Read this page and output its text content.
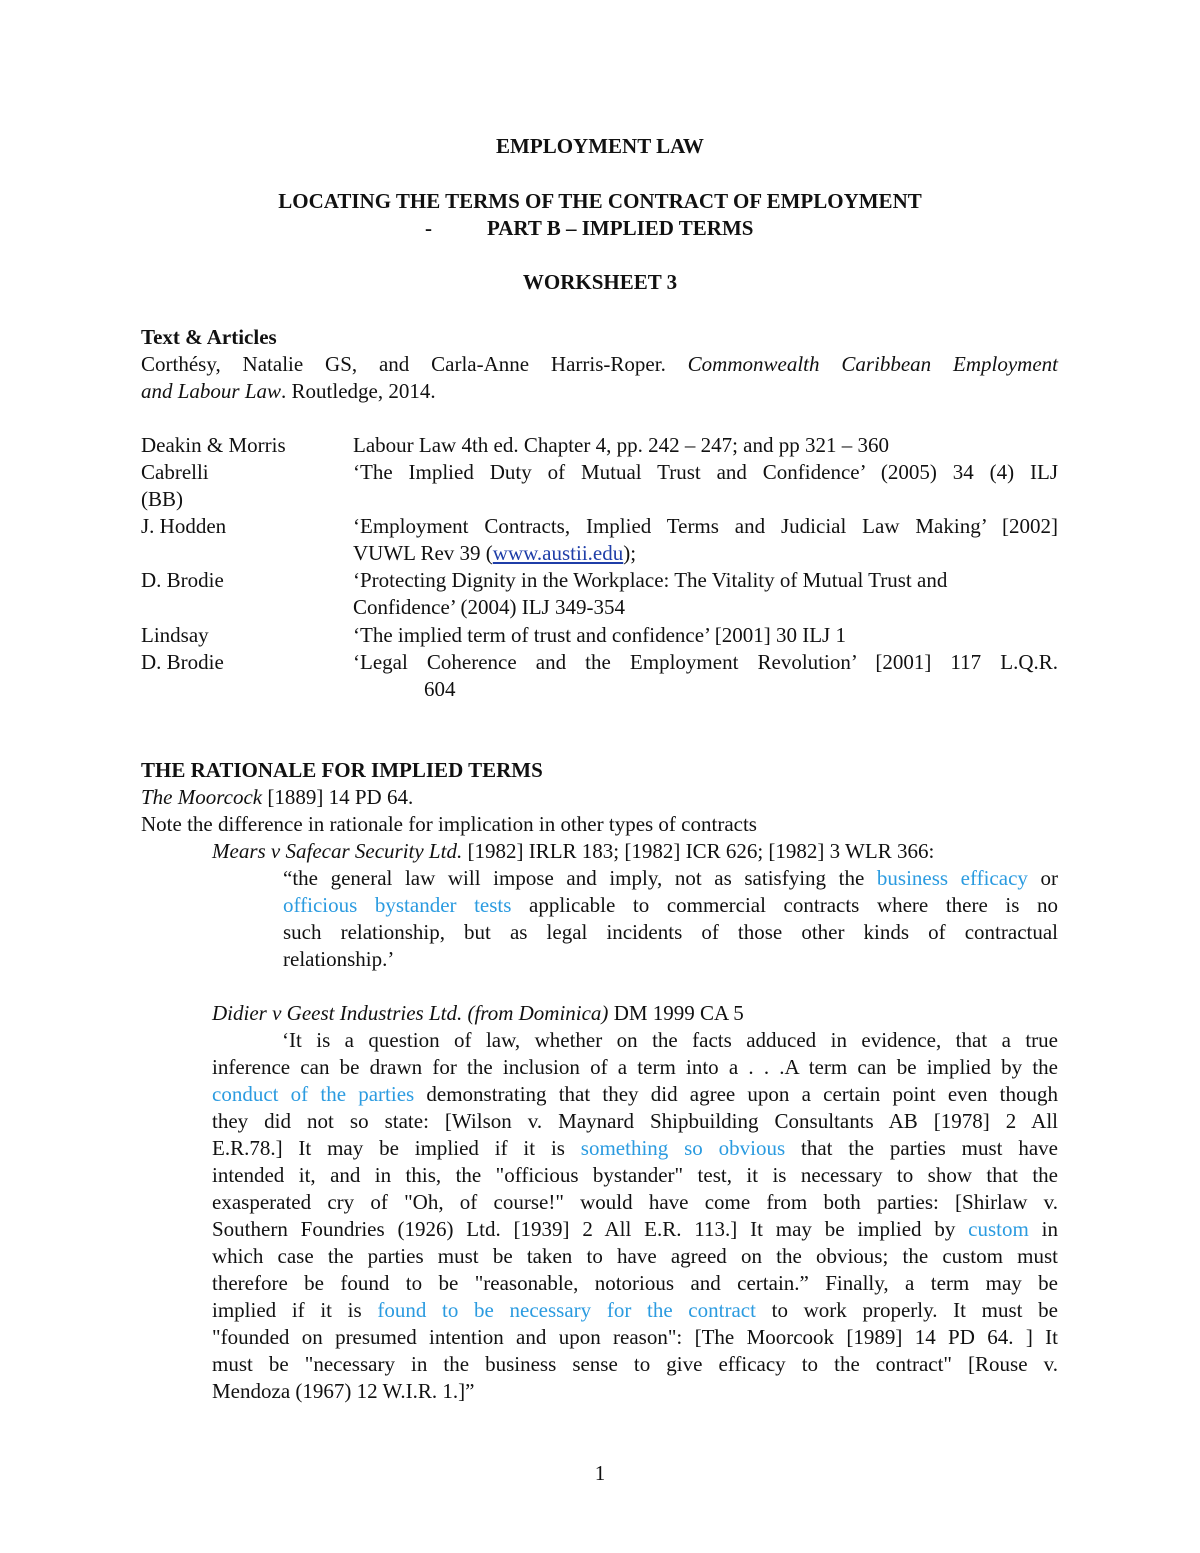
EMPLOYMENT LAW
LOCATING THE TERMS OF THE CONTRACT OF EMPLOYMENT
-	PART B – IMPLIED TERMS
WORKSHEET 3
Text & Articles
Corthésy, Natalie GS, and Carla-Anne Harris-Roper. Commonwealth Caribbean Employment
and Labour Law. Routledge, 2014.
Deakin & Morris	Labour Law 4th ed. Chapter 4, pp. 242 – 247; and pp 321 – 360
Cabrelli	‘The Implied Duty of Mutual Trust and Confidence’ (2005) 34 (4) ILJ
(BB)
J. Hodden	‘Employment Contracts, Implied Terms and Judicial Law Making’ [2002]
VUWL Rev 39 (www.austii.edu);
D. Brodie	‘Protecting Dignity in the Workplace: The Vitality of Mutual Trust and
Confidence’ (2004) ILJ 349-354
Lindsay	‘The implied term of trust and confidence’ [2001] 30 ILJ 1
D. Brodie	‘Legal Coherence and the Employment Revolution’ [2001] 117 L.Q.R.
604
THE RATIONALE FOR IMPLIED TERMS
The Moorcock [1889] 14 PD 64.
Note the difference in rationale for implication in other types of contracts
Mears v Safecar Security Ltd. [1982] IRLR 183; [1982] ICR 626; [1982] 3 WLR 366:
“the general law will impose and imply, not as satisfying the business efficacy or
officious bystander tests applicable to commercial contracts where there is no
such relationship, but as legal incidents of those other kinds of contractual
relationship.’
Didier v Geest Industries Ltd. (from Dominica) DM 1999 CA 5
‘It is a question of law, whether on the facts adduced in evidence, that a true
inference can be drawn for the inclusion of a term into a . . .A term can be implied by the
conduct of the parties demonstrating that they did agree upon a certain point even though
they did not so state: [Wilson v. Maynard Shipbuilding Consultants AB [1978] 2 All
E.R.78.] It may be implied if it is something so obvious that the parties must have
intended it, and in this, the "officious bystander" test, it is necessary to show that the
exasperated cry of "Oh, of course!" would have come from both parties: [Shirlaw v.
Southern Foundries (1926) Ltd. [1939] 2 All E.R. 113.] It may be implied by custom in
which case the parties must be taken to have agreed on the obvious; the custom must
therefore be found to be "reasonable, notorious and certain.” Finally, a term may be
implied if it is found to be necessary for the contract to work properly. It must be
"founded on presumed intention and upon reason": [The Moorcook [1989] 14 PD 64. ] It
must be "necessary in the business sense to give efficacy to the contract" [Rouse v.
Mendoza (1967) 12 W.I.R. 1.]”
1
